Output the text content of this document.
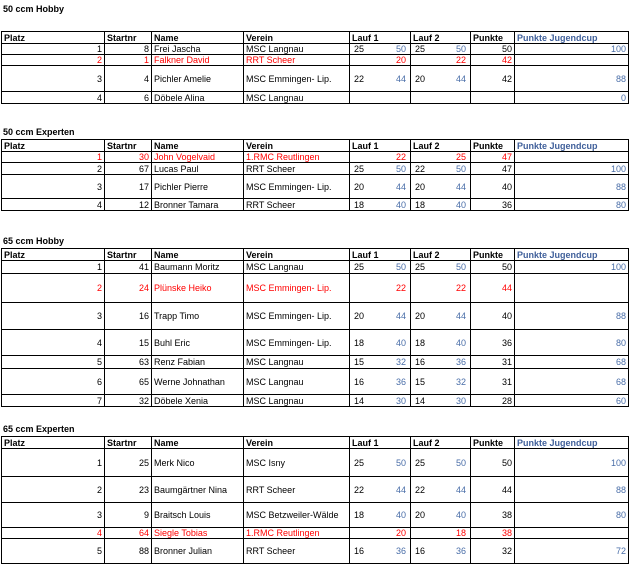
50 ccm Hobby
Platz	Startnr	Name	Verein	Lauf 1	Lauf 2	Punkte	Punkte Jugendcup
1	8	Frei Jascha	MSC Langnau	25 50	25 50	50	100
2	1	Falkner David	RRT Scheer	20	22	42	
3	4	Pichler Amelie	MSC Emmingen- Lip.	22 44	20 44	42	88
4	6	Döbele Alina	MSC Langnau				0
50 ccm Experten
Platz	Startnr	Name	Verein	Lauf 1	Lauf 2	Punkte	Punkte Jugendcup
1	30	John Vogelvaid	1.RMC Reutlingen	22	25	47	
2	67	Lucas Paul	RRT Scheer	25 50	22 50	47	100
3	17	Pichler Pierre	MSC Emmingen- Lip.	20 44	20 44	40	88
4	12	Bronner Tamara	RRT Scheer	18 40	18 40	36	80
65 ccm Hobby
Platz	Startnr	Name	Verein	Lauf 1	Lauf 2	Punkte	Punkte Jugendcup
1	41	Baumann Moritz	MSC Langnau	25 50	25 50	50	100
2	24	Plünske Heiko	MSC Emmingen- Lip.	22	22	44	
3	16	Trapp Timo	MSC Emmingen- Lip.	20 44	20 44	40	88
4	15	Buhl Eric	MSC Emmingen- Lip.	18 40	18 40	36	80
5	63	Renz Fabian	MSC Langnau	15 32	16 36	31	68
6	65	Werne Johnathan	MSC Langnau	16 36	15 32	31	68
7	32	Döbele Xenia	MSC Langnau	14 30	14 30	28	60
65 ccm Experten
Platz	Startnr	Name	Verein	Lauf 1	Lauf 2	Punkte	Punkte Jugendcup
1	25	Merk Nico	MSC Isny	25 50	25 50	50	100
2	23	Baumgärtner Nina	RRT Scheer	22 44	22 44	44	88
3	9	Braitsch Louis	MSC Betzweiler-Wälde	18 40	20 40	38	80
4	64	Siegle Tobias	1.RMC Reutlingen	20	18	38	
5	88	Bronner Julian	RRT Scheer	16 36	16 36	32	72
